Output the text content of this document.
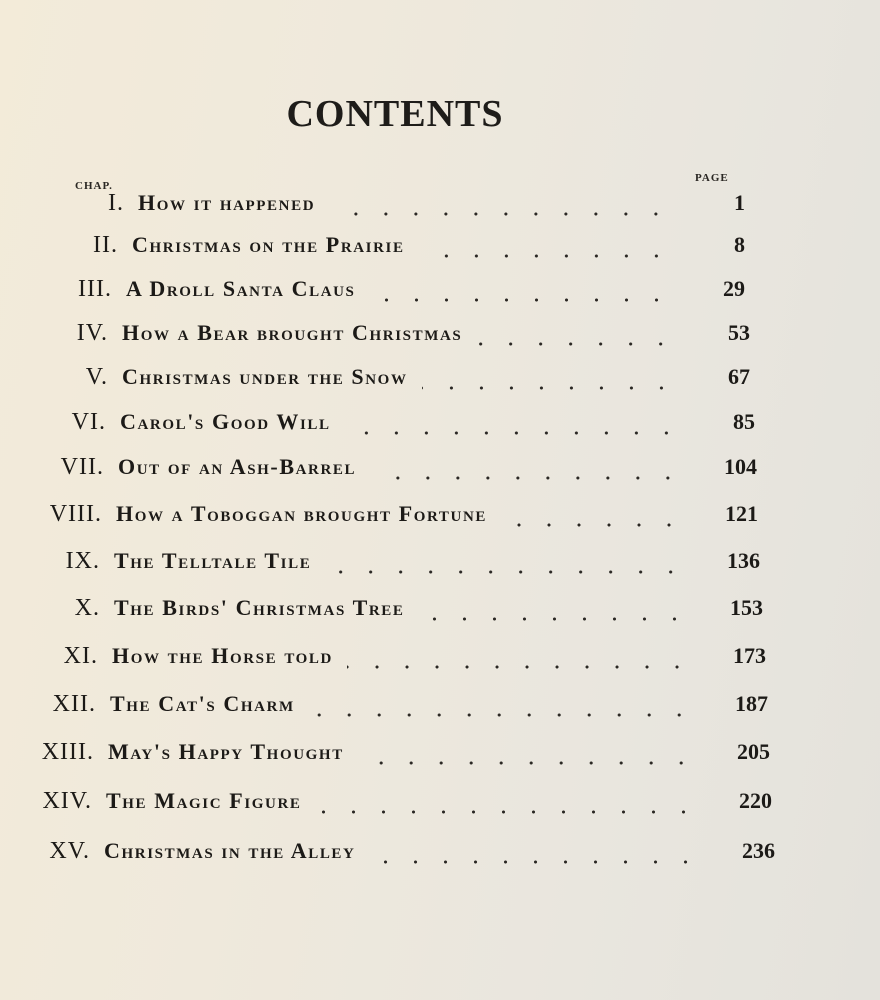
CONTENTS
CHAP.
PAGE
I. How it happened	1
II. Christmas on the Prairie	8
III. A Droll Santa Claus	29
IV. How a Bear brought Christmas	53
V. Christmas under the Snow	67
VI. Carol's Good Will	85
VII. Out of an Ash-Barrel	104
VIII. How a Toboggan brought Fortune	121
IX. The Telltale Tile	136
X. The Birds' Christmas Tree	153
XI. How the Horse told	173
XII. The Cat's Charm	187
XIII. May's Happy Thought	205
XIV. The Magic Figure	220
XV. Christmas in the Alley	236
